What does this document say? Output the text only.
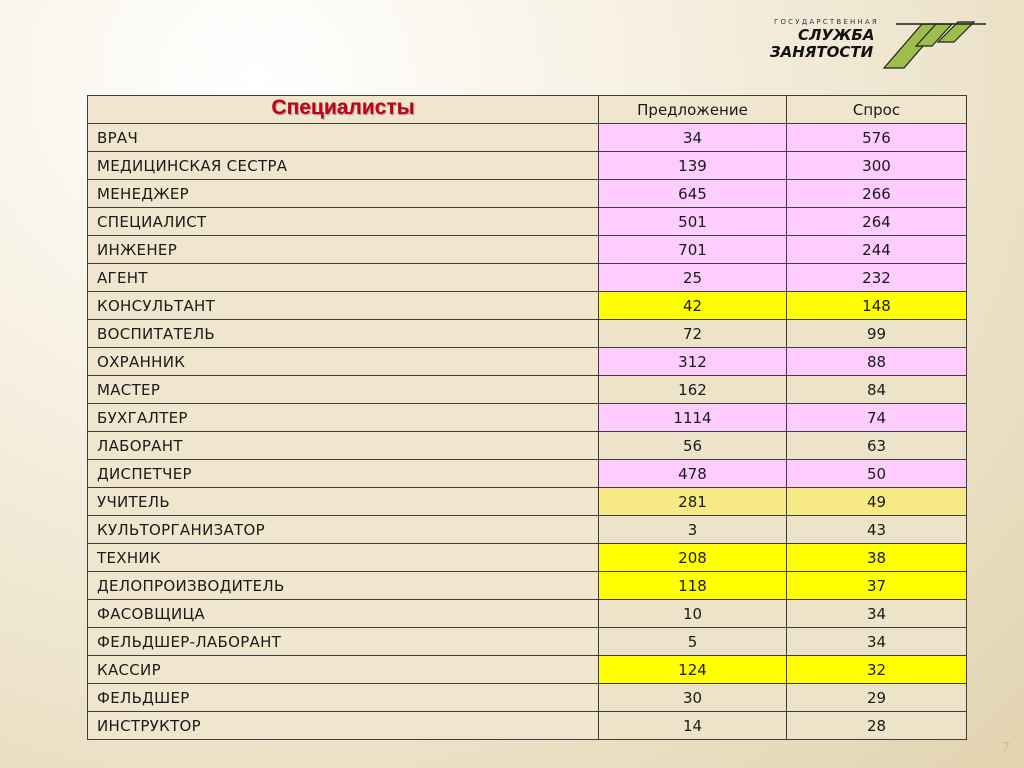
ГОСУДАРСТВЕННАЯ
СЛУЖБА
ЗАНЯТОСТИ
Специалисты	Предложение	Спрос
ВРАЧ	34	576
МЕДИЦИНСКАЯ СЕСТРА	139	300
МЕНЕДЖЕР	645	266
СПЕЦИАЛИСТ	501	264
ИНЖЕНЕР	701	244
АГЕНТ	25	232
КОНСУЛЬТАНТ	42	148
ВОСПИТАТЕЛЬ	72	99
ОХРАННИК	312	88
МАСТЕР	162	84
БУХГАЛТЕР	1114	74
ЛАБОРАНТ	56	63
ДИСПЕТЧЕР	478	50
УЧИТЕЛЬ	281	49
КУЛЬТОРГАНИЗАТОР	3	43
ТЕХНИК	208	38
ДЕЛОПРОИЗВОДИТЕЛЬ	118	37
ФАСОВЩИЦА	10	34
ФЕЛЬДШЕР-ЛАБОРАНТ	5	34
КАССИР	124	32
ФЕЛЬДШЕР	30	29
ИНСТРУКТОР	14	28
7
